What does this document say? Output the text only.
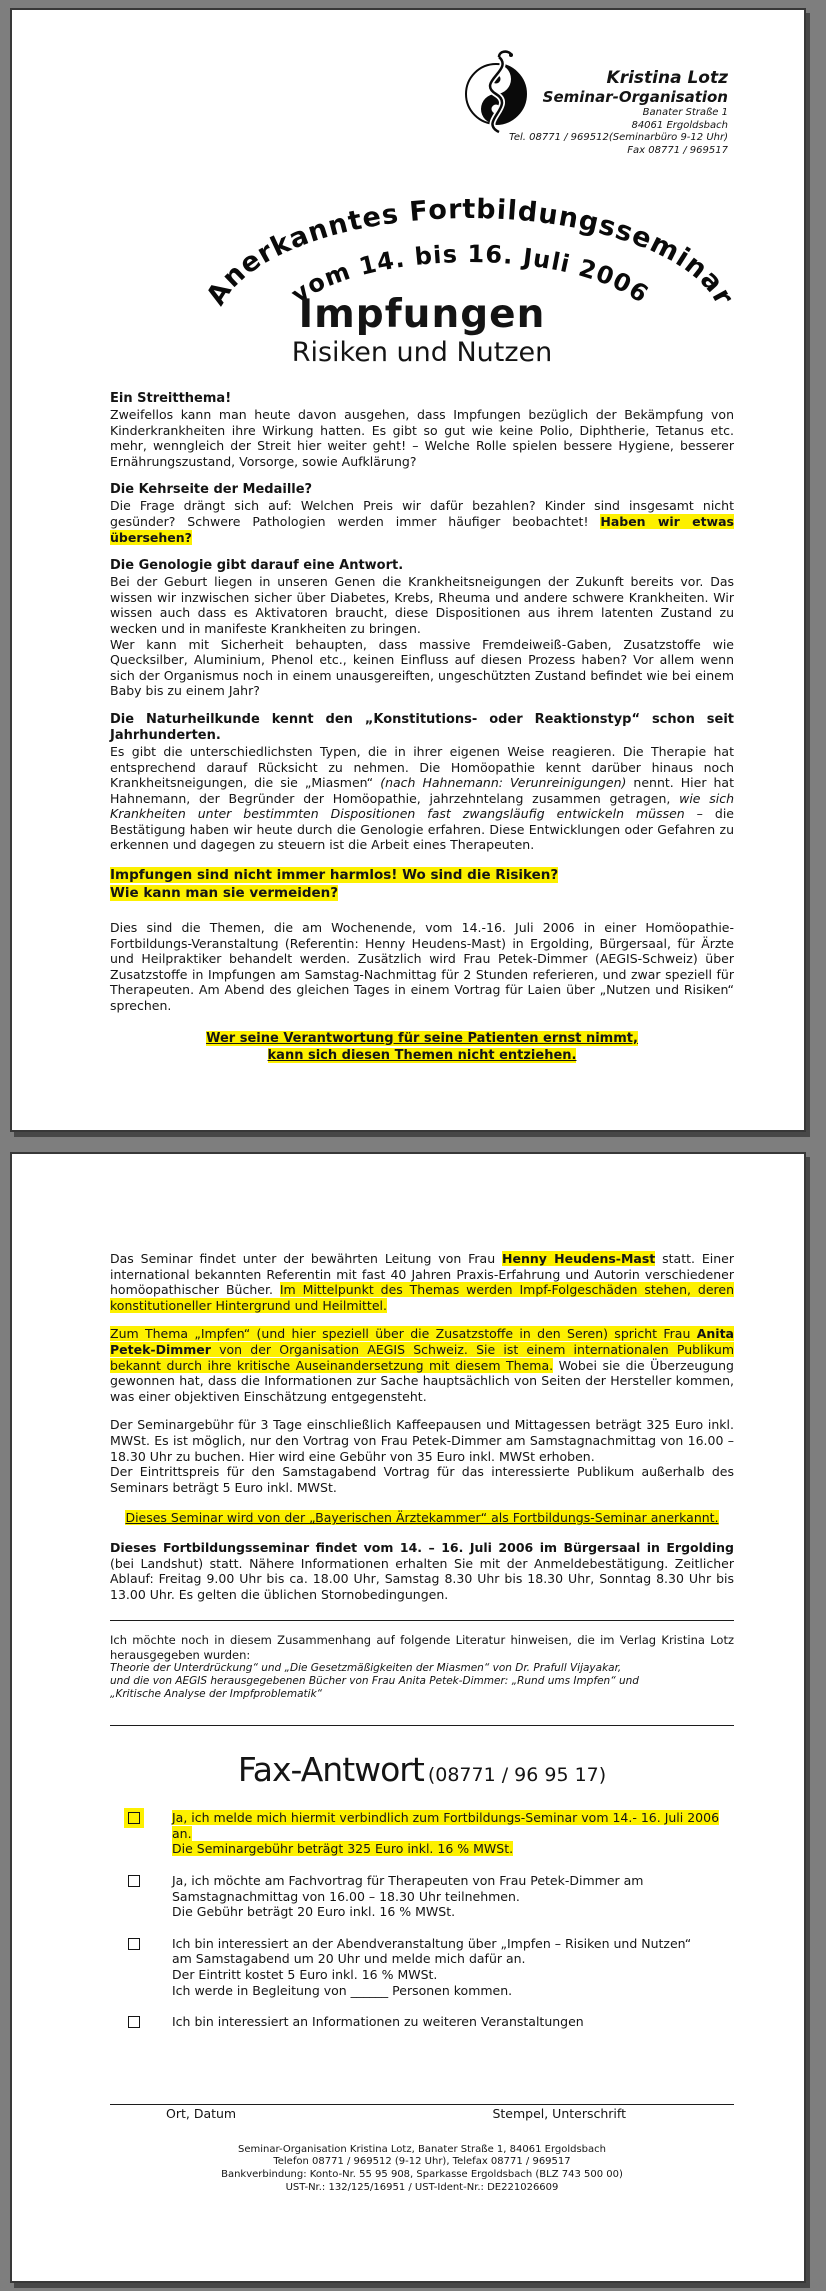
Kristina Lotz
Seminar-Organisation
Banater Straße 1
84061 Ergoldsbach
Tel. 08771 / 969512(Seminarbüro 9-12 Uhr)
Fax 08771 / 969517
Anerkanntes Fortbildungsseminar
vom 14. bis 16. Juli 2006
Impfungen
Risiken und Nutzen
Ein Streitthema!

Zweifellos kann man heute davon ausgehen, dass Impfungen bezüglich der Bekämpfung von Kinderkrankheiten ihre Wirkung hatten. Es gibt so gut wie keine Polio, Diphtherie, Tetanus etc. mehr, wenngleich der Streit hier weiter geht! – Welche Rolle spielen bessere Hygiene, besserer Ernährungszustand, Vorsorge, sowie Aufklärung?

Die Kehrseite der Medaille?

Die Frage drängt sich auf: Welchen Preis wir dafür bezahlen? Kinder sind insgesamt nicht gesünder? Schwere Pathologien werden immer häufiger beobachtet! Haben wir etwas übersehen?

Die Genologie gibt darauf eine Antwort.

Bei der Geburt liegen in unseren Genen die Krankheitsneigungen der Zukunft bereits vor. Das wissen wir inzwischen sicher über Diabetes, Krebs, Rheuma und andere schwere Krankheiten. Wir wissen auch dass es Aktivatoren braucht, diese Dispositionen aus ihrem latenten Zustand zu wecken und in manifeste Krankheiten zu bringen.

Wer kann mit Sicherheit behaupten, dass massive Fremdeiweiß-Gaben, Zusatzstoffe wie Quecksilber, Aluminium, Phenol etc., keinen Einfluss auf diesen Prozess haben? Vor allem wenn sich der Organismus noch in einem unausgereiften, ungeschützten Zustand befindet wie bei einem Baby bis zu einem Jahr?

Die Naturheilkunde kennt den „Konstitutions- oder Reaktionstyp“ schon seit Jahrhunderten.

Es gibt die unterschiedlichsten Typen, die in ihrer eigenen Weise reagieren. Die Therapie hat entsprechend darauf Rücksicht zu nehmen. Die Homöopathie kennt darüber hinaus noch Krankheitsneigungen, die sie „Miasmen“ (nach Hahnemann: Verunreinigungen) nennt. Hier hat Hahnemann, der Begründer der Homöopathie, jahrzehntelang zusammen getragen, wie sich Krankheiten unter bestimmten Dispositionen fast zwangsläufig entwickeln müssen – die Bestätigung haben wir heute durch die Genologie erfahren. Diese Entwicklungen oder Gefahren zu erkennen und dagegen zu steuern ist die Arbeit eines Therapeuten.

Impfungen sind nicht immer harmlos! Wo sind die Risiken?
Wie kann man sie vermeiden?

Dies sind die Themen, die am Wochenende, vom 14.-16. Juli 2006 in einer Homöopathie-Fortbildungs-Veranstaltung (Referentin: Henny Heudens-Mast) in Ergolding, Bürgersaal, für Ärzte und Heilpraktiker behandelt werden. Zusätzlich wird Frau Petek-Dimmer (AEGIS-Schweiz) über Zusatzstoffe in Impfungen am Samstag-Nachmittag für 2 Stunden referieren, und zwar speziell für Therapeuten. Am Abend des gleichen Tages in einem Vortrag für Laien über „Nutzen und Risiken“ sprechen.

Wer seine Verantwortung für seine Patienten ernst nimmt,
kann sich diesen Themen nicht entziehen.

Das Seminar findet unter der bewährten Leitung von Frau Henny Heudens-Mast statt. Einer international bekannten Referentin mit fast 40 Jahren Praxis-Erfahrung und Autorin verschiedener homöopathischer Bücher. Im Mittelpunkt des Themas werden Impf-Folgeschäden stehen, deren konstitutioneller Hintergrund und Heilmittel.

Zum Thema „Impfen“ (und hier speziell über die Zusatzstoffe in den Seren) spricht Frau Anita Petek-Dimmer von der Organisation AEGIS Schweiz. Sie ist einem internationalen Publikum bekannt durch ihre kritische Auseinandersetzung mit diesem Thema. Wobei sie die Überzeugung gewonnen hat, dass die Informationen zur Sache hauptsächlich von Seiten der Hersteller kommen, was einer objektiven Einschätzung entgegensteht.

Der Seminargebühr für 3 Tage einschließlich Kaffeepausen und Mittagessen beträgt 325 Euro inkl. MWSt. Es ist möglich, nur den Vortrag von Frau Petek-Dimmer am Samstagnachmittag von 16.00 – 18.30 Uhr zu buchen. Hier wird eine Gebühr von 35 Euro inkl. MWSt erhoben.

Der Eintrittspreis für den Samstagabend Vortrag für das interessierte Publikum außerhalb des Seminars beträgt 5 Euro inkl. MWSt.

Dieses Seminar wird von der „Bayerischen Ärztekammer“ als Fortbildungs-Seminar anerkannt.

Dieses Fortbildungsseminar findet vom 14. – 16. Juli 2006 im Bürgersaal in Ergolding (bei Landshut) statt. Nähere Informationen erhalten Sie mit der Anmeldebestätigung. Zeitlicher Ablauf: Freitag 9.00 Uhr bis ca. 18.00 Uhr, Samstag 8.30 Uhr bis 18.30 Uhr, Sonntag 8.30 Uhr bis 13.00 Uhr. Es gelten die üblichen Stornobedingungen.

Ich möchte noch in diesem Zusammenhang auf folgende Literatur hinweisen, die im Verlag Kristina Lotz herausgegeben wurden:

Theorie der Unterdrückung“ und „Die Gesetzmäßigkeiten der Miasmen“ von Dr. Prafull Vijayakar,

und die von AEGIS herausgegebenen Bücher von Frau Anita Petek-Dimmer: „Rund ums Impfen“ und

„Kritische Analyse der Impfproblematik“

Fax-Antwort (08771 / 96 95 17)
Ja, ich melde mich hiermit verbindlich zum Fortbildungs-Seminar vom 14.- 16. Juli 2006 an.
Die Seminargebühr beträgt 325 Euro inkl. 16 % MWSt.
Ja, ich möchte am Fachvortrag für Therapeuten von Frau Petek-Dimmer am
Samstagnachmittag von 16.00 – 18.30 Uhr teilnehmen.
Die Gebühr beträgt 20 Euro inkl. 16 % MWSt.
Ich bin interessiert an der Abendveranstaltung über „Impfen – Risiken und Nutzen“
am Samstagabend um 20 Uhr und melde mich dafür an.
Der Eintritt kostet 5 Euro inkl. 16 % MWSt.
Ich werde in Begleitung von ______ Personen kommen.
Ich bin interessiert an Informationen zu weiteren Veranstaltungen
Ort, Datum	Stempel, Unterschrift
Seminar-Organisation Kristina Lotz, Banater Straße 1, 84061 Ergoldsbach
Telefon 08771 / 969512 (9-12 Uhr), Telefax 08771 / 969517
Bankverbindung: Konto-Nr. 55 95 908, Sparkasse Ergoldsbach (BLZ 743 500 00)
UST-Nr.: 132/125/16951 / UST-Ident-Nr.: DE221026609
